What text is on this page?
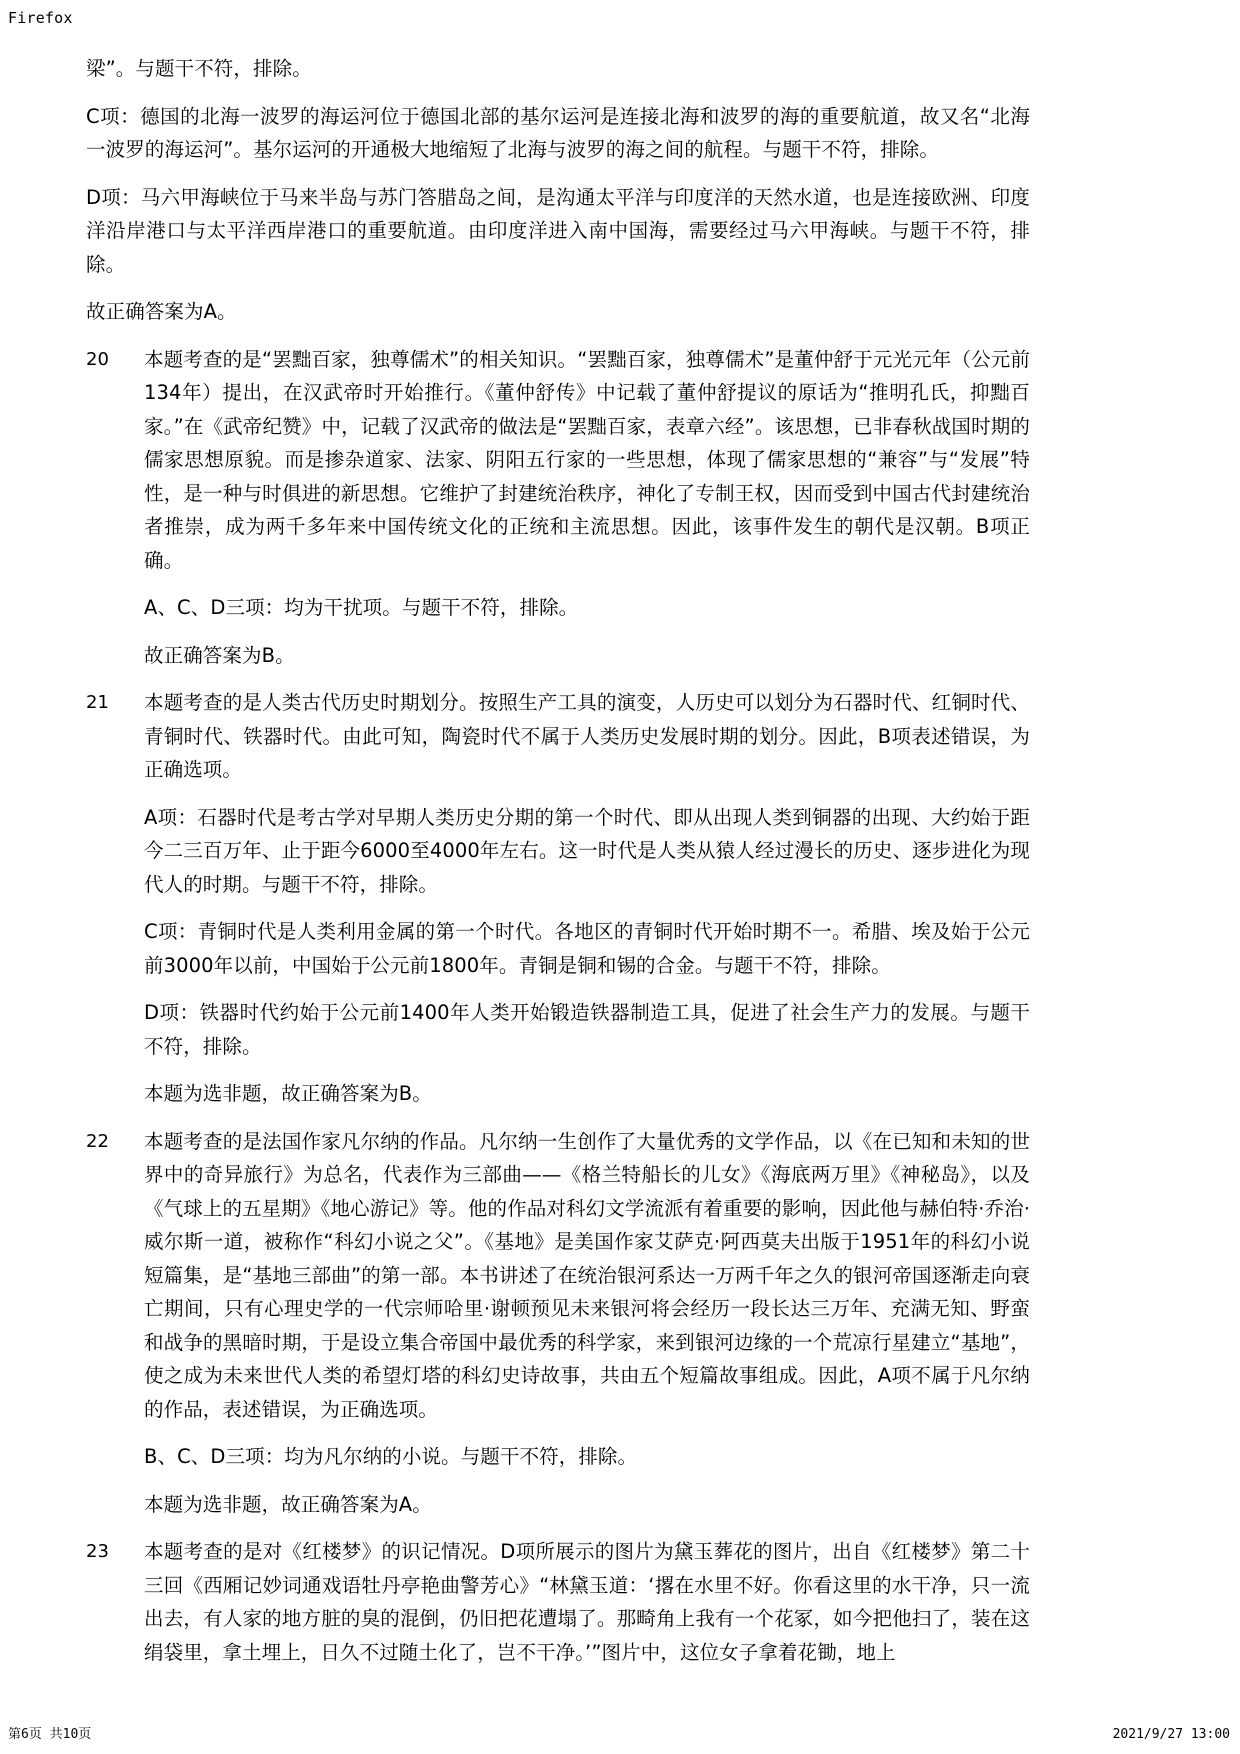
Firefox

梁”。与题干不符，排除。

C项：德国的北海一波罗的海运河位于德国北部的基尔运河是连接北海和波罗的海的重要航道，故又名“北海一波罗的海运河”。基尔运河的开通极大地缩短了北海与波罗的海之间的航程。与题干不符，排除。

D项：马六甲海峡位于马来半岛与苏门答腊岛之间，是沟通太平洋与印度洋的天然水道，也是连接欧洲、印度洋沿岸港口与太平洋西岸港口的重要航道。由印度洋进入南中国海，需要经过马六甲海峡。与题干不符，排除。

故正确答案为A。

20	本题考查的是“罢黜百家，独尊儒术”的相关知识。“罢黜百家，独尊儒术”是董仲舒于元光元年（公元前134年）提出，在汉武帝时开始推行。《董仲舒传》中记载了董仲舒提议的原话为“推明孔氏，抑黜百家。”在《武帝纪赞》中，记载了汉武帝的做法是“罢黜百家，表章六经”。该思想，已非春秋战国时期的儒家思想原貌。而是掺杂道家、法家、阴阳五行家的一些思想，体现了儒家思想的“兼容”与“发展”特性，是一种与时俱进的新思想。它维护了封建统治秩序，神化了专制王权，因而受到中国古代封建统治者推崇，成为两千多年来中国传统文化的正统和主流思想。因此，该事件发生的朝代是汉朝。B项正确。

A、C、D三项：均为干扰项。与题干不符，排除。

故正确答案为B。

21	本题考查的是人类古代历史时期划分。按照生产工具的演变，人历史可以划分为石器时代、红铜时代、青铜时代、铁器时代。由此可知，陶瓷时代不属于人类历史发展时期的划分。因此，B项表述错误，为正确选项。

A项：石器时代是考古学对早期人类历史分期的第一个时代、即从出现人类到铜器的出现、大约始于距今二三百万年、止于距今6000至4000年左右。这一时代是人类从猿人经过漫长的历史、逐步进化为现代人的时期。与题干不符，排除。

C项：青铜时代是人类利用金属的第一个时代。各地区的青铜时代开始时期不一。希腊、埃及始于公元前3000年以前，中国始于公元前1800年。青铜是铜和锡的合金。与题干不符，排除。

D项：铁器时代约始于公元前1400年人类开始锻造铁器制造工具，促进了社会生产力的发展。与题干不符，排除。

本题为选非题，故正确答案为B。

22	本题考查的是法国作家凡尔纳的作品。凡尔纳一生创作了大量优秀的文学作品，以《在已知和未知的世界中的奇异旅行》为总名，代表作为三部曲——《格兰特船长的儿女》《海底两万里》《神秘岛》，以及《气球上的五星期》《地心游记》等。他的作品对科幻文学流派有着重要的影响，因此他与赫伯特·乔治·威尔斯一道，被称作“科幻小说之父”。《基地》是美国作家艾萨克·阿西莫夫出版于1951年的科幻小说短篇集，是“基地三部曲”的第一部。本书讲述了在统治银河系达一万两千年之久的银河帝国逐渐走向衰亡期间，只有心理史学的一代宗师哈里·谢顿预见未来银河将会经历一段长达三万年、充满无知、野蛮和战争的黑暗时期，于是设立集合帝国中最优秀的科学家，来到银河边缘的一个荒凉行星建立“基地”，使之成为未来世代人类的希望灯塔的科幻史诗故事，共由五个短篇故事组成。因此，A项不属于凡尔纳的作品，表述错误，为正确选项。

B、C、D三项：均为凡尔纳的小说。与题干不符，排除。

本题为选非题，故正确答案为A。

23	本题考查的是对《红楼梦》的识记情况。D项所展示的图片为黛玉葬花的图片，出自《红楼梦》第二十三回《西厢记妙词通戏语牡丹亭艳曲警芳心》“林黛玉道：‘撂在水里不好。你看这里的水干净，只一流出去，有人家的地方脏的臭的混倒，仍旧把花遭塌了。那畸角上我有一个花冢，如今把他扫了，装在这绢袋里，拿土埋上，日久不过随土化了，岂不干净。’”图片中，这位女子拿着花锄，地上
第6页 共10页	2021/9/27 13:00
